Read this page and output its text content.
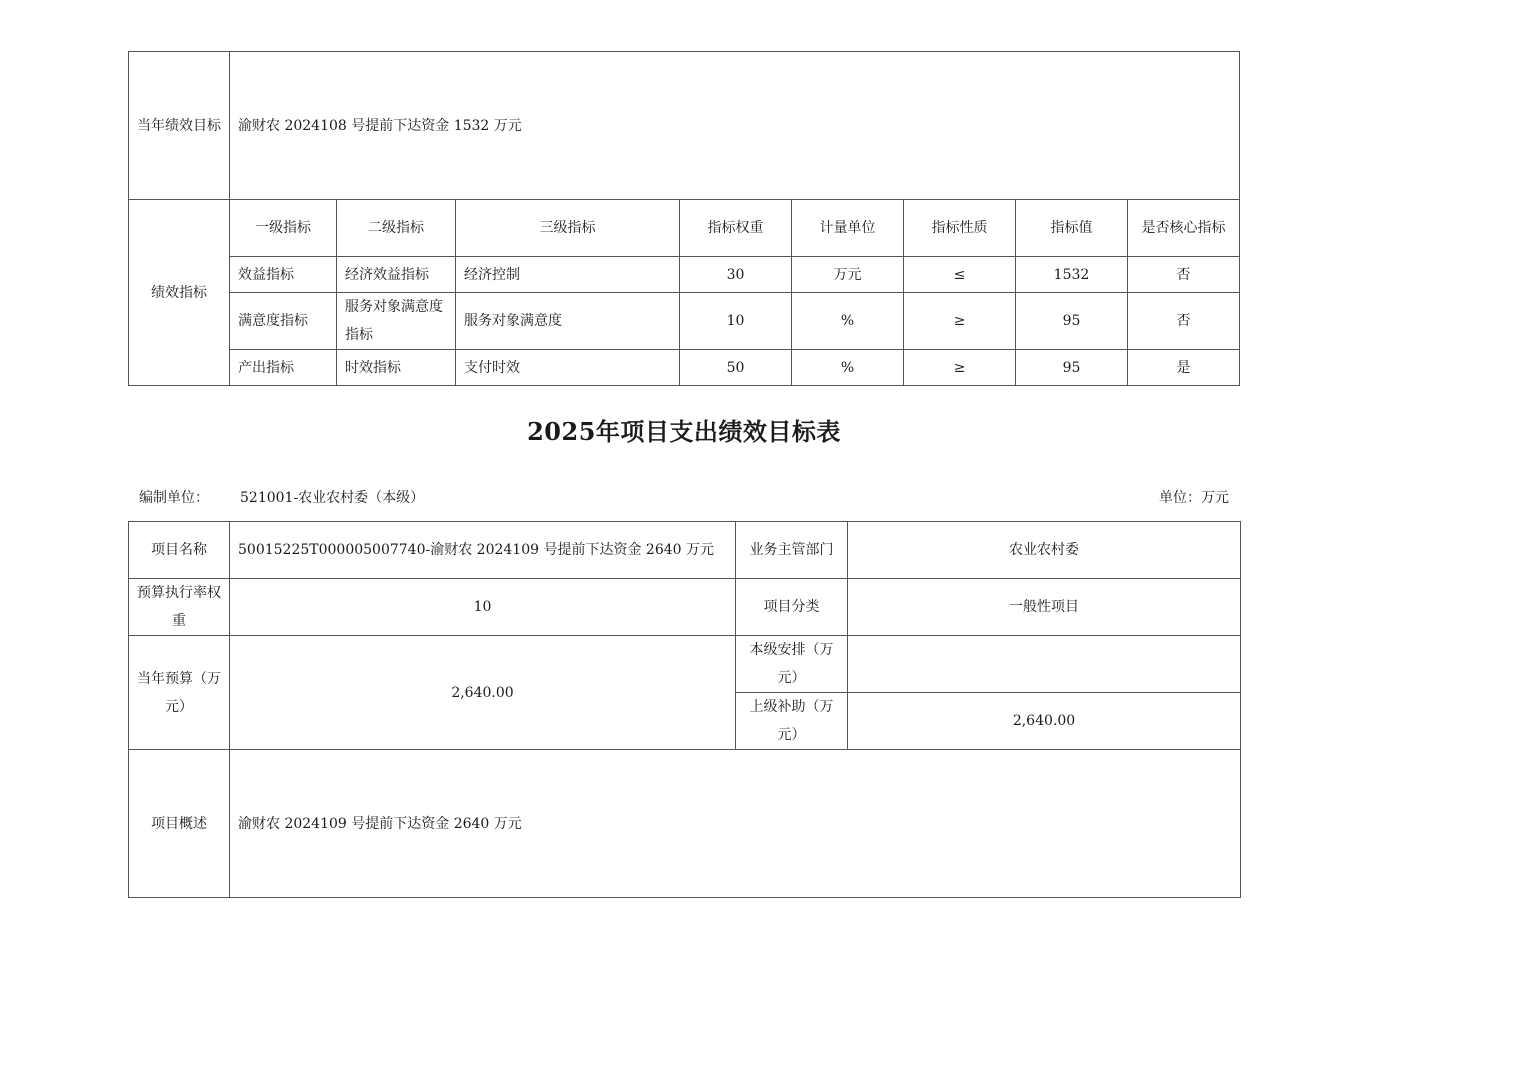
当年绩效目标	渝财农 2024108 号提前下达资金 1532 万元							
绩效指标	一级指标	二级指标	三级指标	指标权重	计量单位	指标性质	指标值	是否核心指标
	效益指标	经济效益指标	经济控制	30	万元	≤	1532	否
	满意度指标	服务对象满意度指标	服务对象满意度	10	%	≥	95	否
	产出指标	时效指标	支付时效	50	%	≥	95	是
2025年项目支出绩效目标表
编制单位： 521001-农业农村委（本级）	单位：万元
项目名称	50015225T000005007740-渝财农 2024109 号提前下达资金 2640 万元	业务主管部门	农业农村委
预算执行率权重	10	项目分类	一般性项目
当年预算（万元）	2,640.00	本级安排（万元）	
		上级补助（万元）	2,640.00
项目概述	渝财农 2024109 号提前下达资金 2640 万元		
